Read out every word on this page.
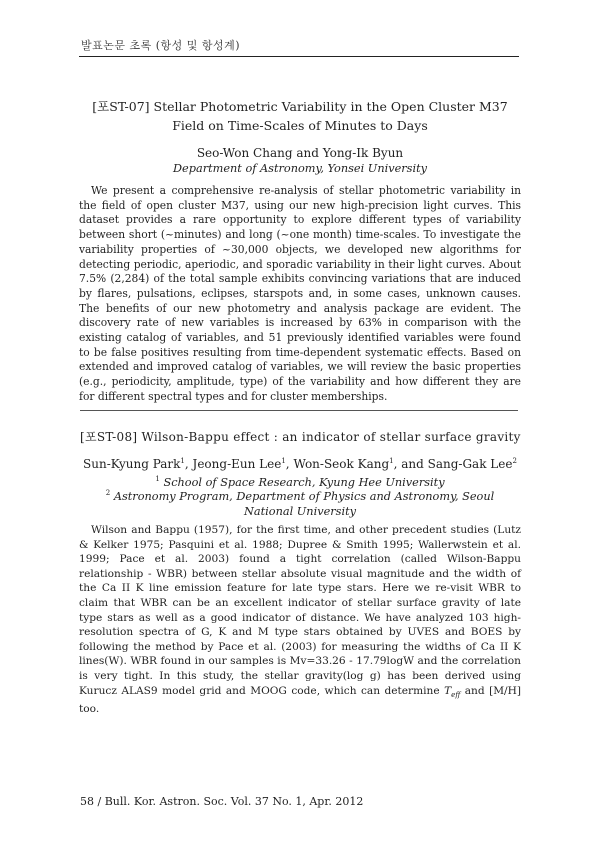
발표논문 초록 (항성 및 항성계)
[포ST-07] Stellar Photometric Variability in the Open Cluster M37
Field on Time-Scales of Minutes to Days
Seo-Won Chang and Yong-Ik Byun
Department of Astronomy, Yonsei University

We present a comprehensive re-analysis of stellar photometric variability in the field of open cluster M37, using our new high-precision light curves. This dataset provides a rare opportunity to explore different types of variability between short (~minutes) and long (~one month) time-scales. To investigate the variability properties of ~30,000 objects, we developed new algorithms for detecting periodic, aperiodic, and sporadic variability in their light curves. About 7.5% (2,284) of the total sample exhibits convincing variations that are induced by flares, pulsations, eclipses, starspots and, in some cases, unknown causes. The benefits of our new photometry and analysis package are evident. The discovery rate of new variables is increased by 63% in comparison with the existing catalog of variables, and 51 previously identified variables were found to be false positives resulting from time-dependent systematic effects. Based on extended and improved catalog of variables, we will review the basic properties (e.g., periodicity, amplitude, type) of the variability and how different they are for different spectral types and for cluster memberships.

[포ST-08] Wilson-Bappu effect : an indicator of stellar surface gravity
Sun-Kyung Park$^1$, Jeong-Eun Lee$^1$, Won-Seok Kang$^1$, and Sang-Gak Lee$^2$
$^1$ School of Space Research, Kyung Hee University
$^2$ Astronomy Program, Department of Physics and Astronomy, Seoul National University

Wilson and Bappu (1957), for the first time, and other precedent studies (Lutz & Kelker 1975; Pasquini et al. 1988; Dupree & Smith 1995; Wallerwstein et al. 1999; Pace et al. 2003) found a tight correlation (called Wilson-Bappu relationship - WBR) between stellar absolute visual magnitude and the width of the Ca II K line emission feature for late type stars. Here we re-visit WBR to claim that WBR can be an excellent indicator of stellar surface gravity of late type stars as well as a good indicator of distance. We have analyzed 103 high-resolution spectra of G, K and M type stars obtained by UVES and BOES by following the method by Pace et al. (2003) for measuring the widths of Ca II K lines(W). WBR found in our samples is Mv=33.26 - 17.79logW and the correlation is very tight. In this study, the stellar gravity(log g) has been derived using Kurucz ALAS9 model grid and MOOG code, which can determine $T_{eff}$ and [M/H] too.

58 / Bull. Kor. Astron. Soc. Vol. 37 No. 1, Apr. 2012
